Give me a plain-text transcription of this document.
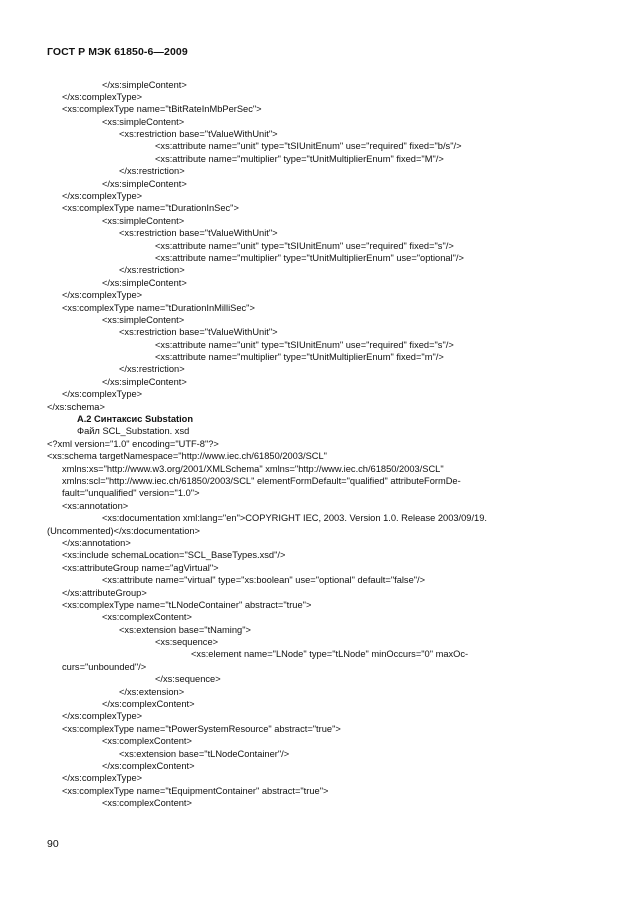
ГОСТ Р МЭК 61850-6—2009
</xs:simpleContent>
</xs:complexType>
<xs:complexType name="tBitRateInMbPerSec">
<xs:simpleContent>
<xs:restriction base="tValueWithUnit">
<xs:attribute name="unit" type="tSIUnitEnum" use="required" fixed="b/s"/>
<xs:attribute name="multiplier" type="tUnitMultiplierEnum" fixed="M"/>
</xs:restriction>
</xs:simpleContent>
</xs:complexType>
<xs:complexType name="tDurationInSec">
<xs:simpleContent>
<xs:restriction base="tValueWithUnit">
<xs:attribute name="unit" type="tSIUnitEnum" use="required" fixed="s"/>
<xs:attribute name="multiplier" type="tUnitMultiplierEnum" use="optional"/>
</xs:restriction>
</xs:simpleContent>
</xs:complexType>
<xs:complexType name="tDurationInMilliSec">
<xs:simpleContent>
<xs:restriction base="tValueWithUnit">
<xs:attribute name="unit" type="tSIUnitEnum" use="required" fixed="s"/>
<xs:attribute name="multiplier" type="tUnitMultiplierEnum" fixed="m"/>
</xs:restriction>
</xs:simpleContent>
</xs:complexType>
</xs:schema>
А.2 Синтаксис Substation
Файл SCL_Substation. xsd
<?xml version="1.0" encoding="UTF-8"?>
<xs:schema targetNamespace="http://www.iec.ch/61850/2003/SCL"
xmlns:xs="http://www.w3.org/2001/XMLSchema" xmlns="http://www.iec.ch/61850/2003/SCL"
xmlns:scl="http://www.iec.ch/61850/2003/SCL" elementFormDefault="qualified" attributeFormDe-
fault="unqualified" version="1.0">
<xs:annotation>
<xs:documentation xml:lang="en">COPYRIGHT IEC, 2003. Version 1.0. Release 2003/09/19.
(Uncommented)</xs:documentation>
</xs:annotation>
<xs:include schemaLocation="SCL_BaseTypes.xsd"/>
<xs:attributeGroup name="agVirtual">
<xs:attribute name="virtual" type="xs:boolean" use="optional" default="false"/>
</xs:attributeGroup>
<xs:complexType name="tLNodeContainer" abstract="true">
<xs:complexContent>
<xs:extension base="tNaming">
<xs:sequence>
<xs:element name="LNode" type="tLNode" minOccurs="0" maxOc-
curs="unbounded"/>
</xs:sequence>
</xs:extension>
</xs:complexContent>
</xs:complexType>
<xs:complexType name="tPowerSystemResource" abstract="true">
<xs:complexContent>
<xs:extension base="tLNodeContainer"/>
</xs:complexContent>
</xs:complexType>
<xs:complexType name="tEquipmentContainer" abstract="true">
<xs:complexContent>
90
